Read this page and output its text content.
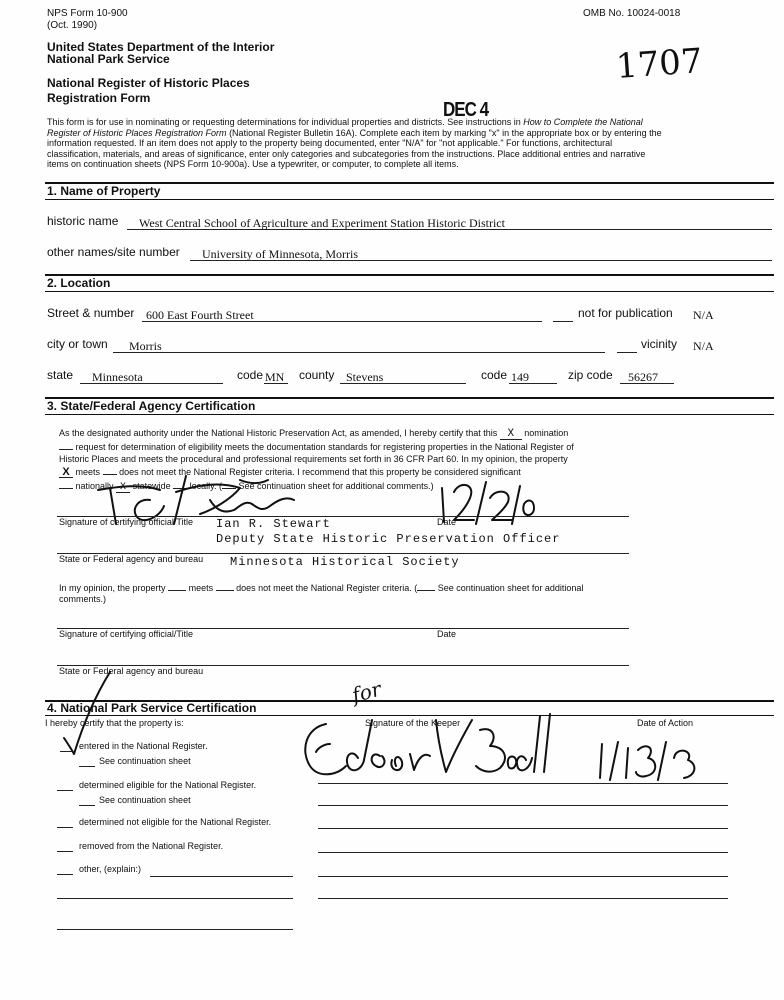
NPS Form 10-900
(Oct. 1990)
OMB No. 10024-0018
United States Department of the Interior
National Park Service
National Register of Historic Places
Registration Form	DEC 4
1707
This form is for use in nominating or requesting determinations for individual properties and districts. See instructions in How to Complete the National
Register of Historic Places Registration Form (National Register Bulletin 16A). Complete each item by marking "x" in the appropriate box or by entering the
information requested. If an item does not apply to the property being documented, enter "N/A" for "not applicable." For functions, architectural
classification, materials, and areas of significance, enter only categories and subcategories from the instructions. Place additional entries and narrative
items on continuation sheets (NPS Form 10-900a). Use a typewriter, or computer, to complete all items.
1. Name of Property
historic name West Central School of Agriculture and Experiment Station Historic District
other names/site number University of Minnesota, Morris
2. Location
Street & number 600 East Fourth Street	not for publication N/A
city or town Morris	vicinity N/A
state Minnesota	code MN county Stevens	code 149	zip code 56267
3. State/Federal Agency Certification
As the designated authority under the National Historic Preservation Act, as amended, I hereby certify that this X nomination
request for determination of eligibility meets the documentation standards for registering properties in the National Register of
Historic Places and meets the procedural and professional requirements set forth in 36 CFR Part 60. In my opinion, the property
X meets does not meet the National Register criteria. I recommend that this property be considered significant
nationally X statewide locally. ( See continuation sheet for additional comments.)
Signature of certifying official/Title Ian R. Stewart	Date
Deputy State Historic Preservation Officer
State or Federal agency and bureau Minnesota Historical Society
In my opinion, the property	meets	does not meet the National Register criteria. ( See continuation sheet for additional
comments.)
Signature of certifying official/Title	Date
State or Federal agency and bureau
4. National Park Service Certification
I hereby certify that the property is:	Signature of the Keeper	Date of Action
for
entered in the National Register.
See continuation sheet
determined eligible for the National Register.
See continuation sheet
determined not eligible for the National Register.
removed from the National Register.
other, (explain:)
